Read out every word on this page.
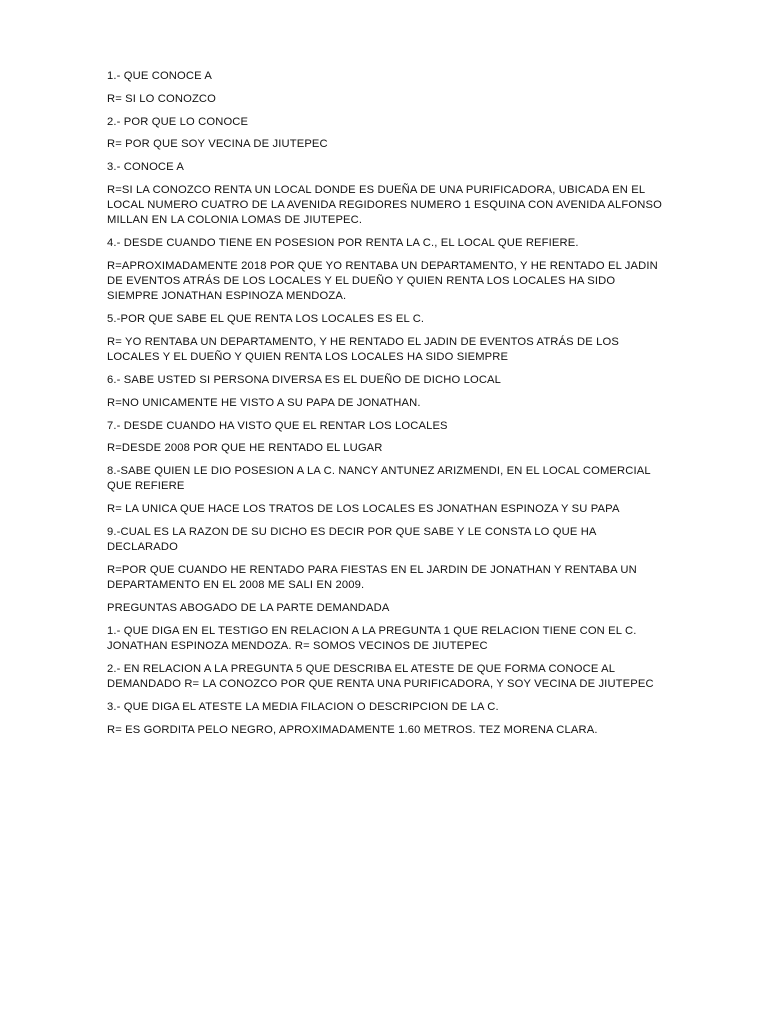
1.- QUE CONOCE A

R= SI LO CONOZCO

2.- POR QUE LO CONOCE

R= POR QUE SOY VECINA DE JIUTEPEC

3.- CONOCE A

R=SI LA CONOZCO RENTA UN LOCAL DONDE ES DUEÑA DE UNA PURIFICADORA, UBICADA EN EL LOCAL NUMERO CUATRO DE LA AVENIDA REGIDORES NUMERO 1 ESQUINA CON AVENIDA ALFONSO MILLAN EN LA COLONIA LOMAS DE JIUTEPEC.

4.- DESDE CUANDO TIENE EN POSESION POR RENTA LA C., EL LOCAL QUE REFIERE.

R=APROXIMADAMENTE 2018 POR QUE YO RENTABA UN DEPARTAMENTO, Y HE RENTADO EL JADIN DE EVENTOS ATRÁS DE LOS LOCALES Y EL DUEÑO Y QUIEN RENTA LOS LOCALES HA SIDO SIEMPRE JONATHAN ESPINOZA MENDOZA.

5.-POR QUE SABE EL QUE RENTA LOS LOCALES ES EL C.

R= YO RENTABA UN DEPARTAMENTO, Y HE RENTADO EL JADIN DE EVENTOS ATRÁS DE LOS LOCALES Y EL DUEÑO Y QUIEN RENTA LOS LOCALES HA SIDO SIEMPRE

6.- SABE USTED SI PERSONA DIVERSA ES EL DUEÑO DE DICHO LOCAL

R=NO UNICAMENTE HE VISTO A SU PAPA DE JONATHAN.

7.- DESDE CUANDO HA VISTO QUE EL RENTAR LOS LOCALES

R=DESDE 2008 POR QUE HE RENTADO EL LUGAR

8.-SABE QUIEN LE DIO POSESION A LA C. NANCY ANTUNEZ ARIZMENDI, EN EL LOCAL COMERCIAL QUE REFIERE

R= LA UNICA QUE HACE LOS TRATOS DE LOS LOCALES ES JONATHAN ESPINOZA Y SU PAPA

9.-CUAL ES LA RAZON DE SU DICHO ES DECIR POR QUE SABE Y LE CONSTA LO QUE HA DECLARADO

R=POR QUE CUANDO HE RENTADO PARA FIESTAS EN EL JARDIN DE JONATHAN Y RENTABA UN DEPARTAMENTO EN EL 2008 ME SALI EN 2009.

PREGUNTAS ABOGADO DE LA PARTE DEMANDADA

1.- QUE DIGA EN EL TESTIGO EN RELACION A LA PREGUNTA 1 QUE RELACION TIENE CON EL C. JONATHAN ESPINOZA MENDOZA. R= SOMOS VECINOS DE JIUTEPEC

2.- EN RELACION A LA PREGUNTA 5 QUE DESCRIBA EL ATESTE DE QUE FORMA CONOCE AL DEMANDADO R= LA CONOZCO POR QUE RENTA UNA PURIFICADORA, Y SOY VECINA DE JIUTEPEC

3.- QUE DIGA EL ATESTE LA MEDIA FILACION O DESCRIPCION DE LA C.

R= ES GORDITA PELO NEGRO, APROXIMADAMENTE 1.60 METROS. TEZ MORENA CLARA.
